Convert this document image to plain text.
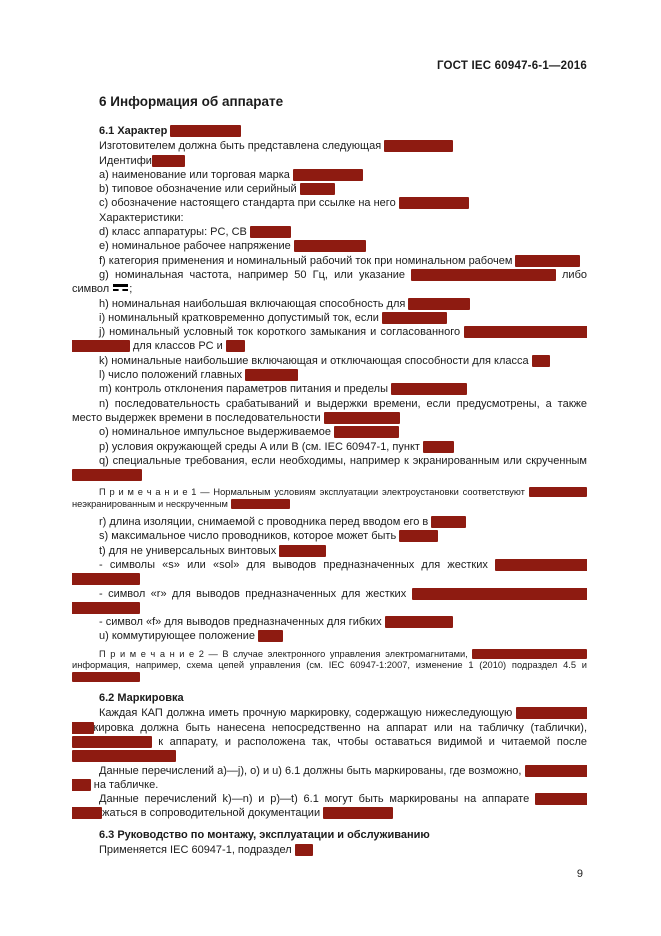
ГОСТ IEC 60947-6-1—2016
6 Информация об аппарате
6.1 Характер
Изготовителем должна быть представлена следующая
Идентифи
a) наименование или торговая марка
b) типовое обозначение или серийный
c) обозначение настоящего стандарта при ссылке на него
Характеристики:
d) класс аппаратуры: PC, CB
e) номинальное рабочее напряжение
f) категория применения и номинальный рабочий ток при номинальном рабочем
g) номинальная частота, например 50 Гц, или указание	либо символ ;
h) номинальная наибольшая включающая способность для
i) номинальный кратковременно допустимый ток, если
j) номинальный условный ток короткого замыкания и согласованного для классов PC и
k) номинальные наибольшие включающая и отключающая способности для класса
l) число положений главных
m) контроль отклонения параметров питания и пределы
n) последовательность срабатываний и выдержки времени, если предусмотрены, а также место выдержек времени в последовательности
o) номинальное импульсное выдерживаемое
p) условия окружающей среды A или B (см. IEC 60947-1, пункт
q) специальные требования, если необходимы, например к экранированным или скрученным
П р и м е ч а н и е 1 — Нормальным условиям эксплуатации электроустановки соответствуют неэкранированным и нескрученным
r) длина изоляции, снимаемой с проводника перед вводом его в
s) максимальное число проводников, которое может быть
t) для не универсальных винтовых
- символы «s» или «sol» для выводов предназначенных для жестких
- символ «r» для выводов предназначенных для жестких
- символ «f» для выводов предназначенных для гибких
u) коммутирующее положение
П р и м е ч а н и е 2 — В случае электронного управления электромагнитами, информация, например, схема цепей управления (см. IEC 60947-1:2007, изменение 1 (2010) подраздел 4.5 и
6.2 Маркировка
Каждая КАП должна иметь прочную маркировку, содержащую нижеследующую кировка должна быть нанесена непосредственно на аппарат или на табличку (таблички), к аппарату, и расположена так, чтобы оставаться видимой и читаемой после
Данные перечислений a)—j), o) и u) 6.1 должны быть маркированы, где возможно, на табличке.
Данные перечислений k)—n) и p)—t) 6.1 могут быть маркированы на аппарате жаться в сопроводительной документации
6.3 Руководство по монтажу, эксплуатации и обслуживанию
Применяется IEC 60947-1, подраздел
9
